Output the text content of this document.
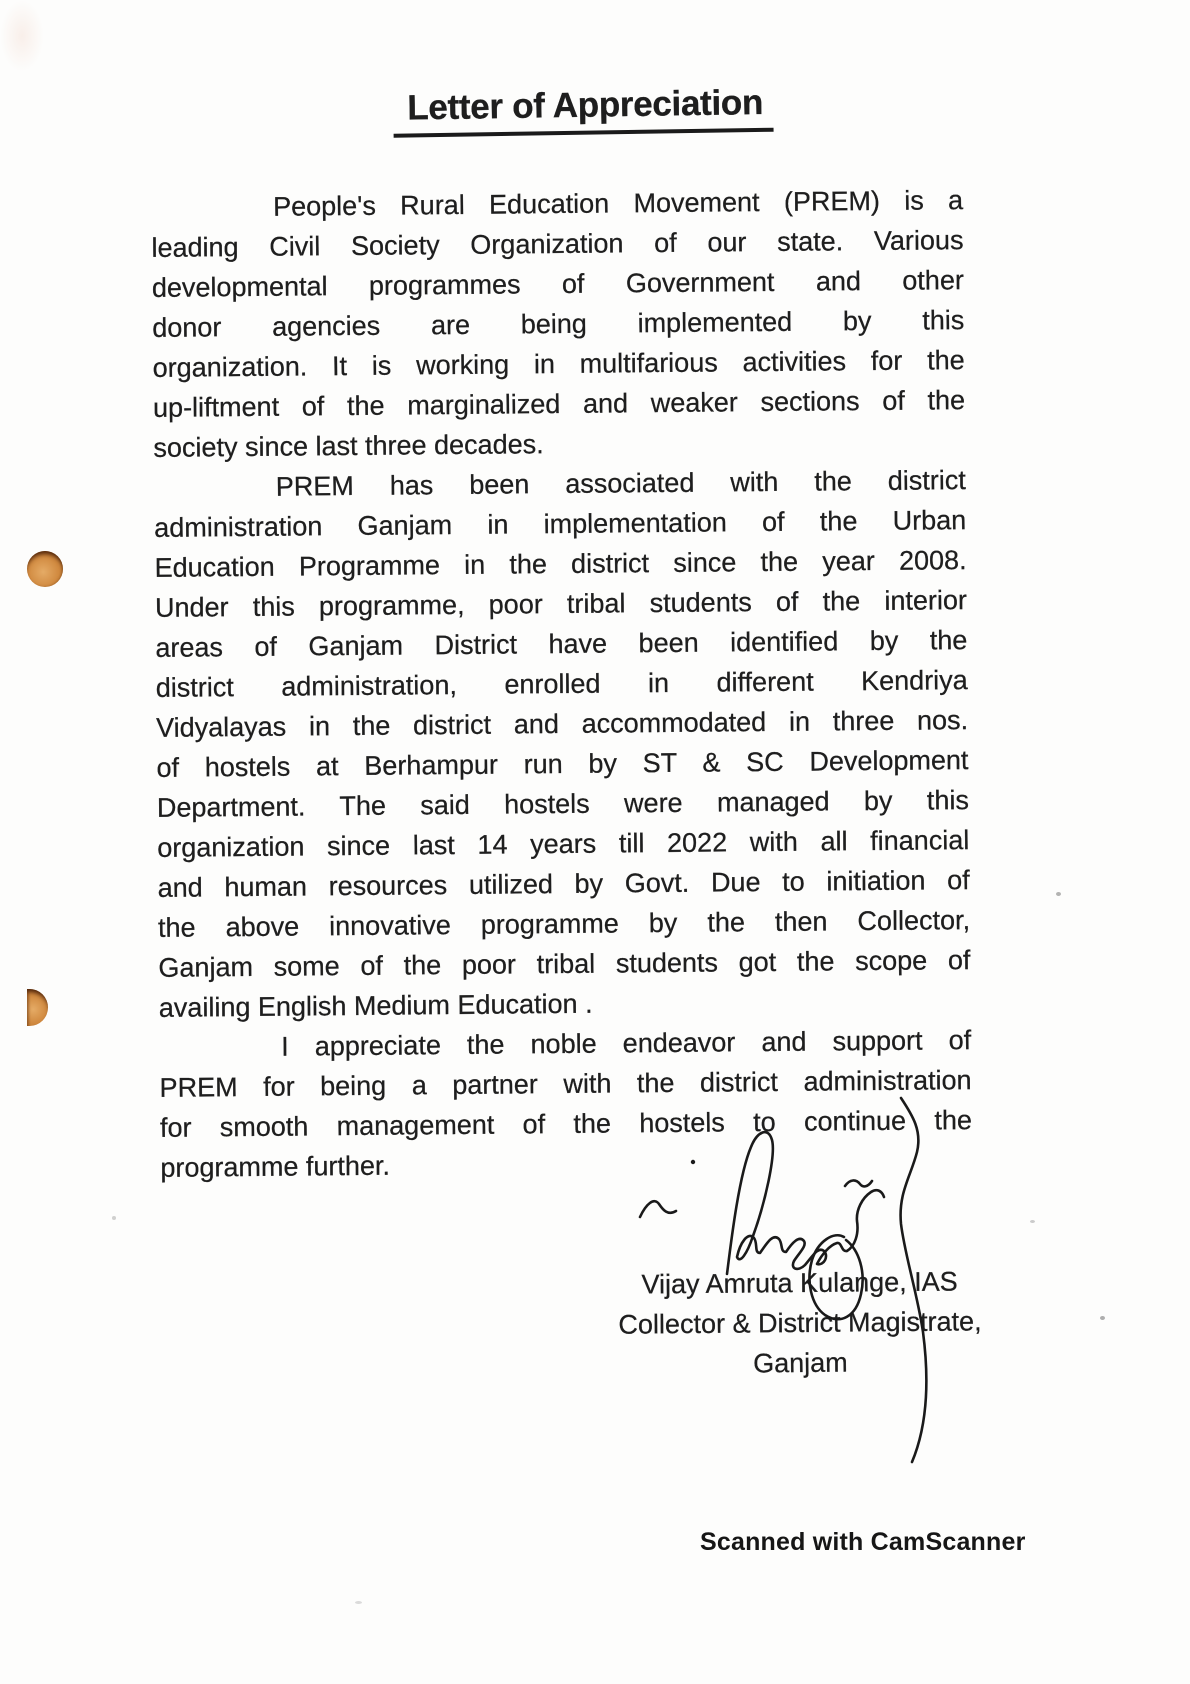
Letter of Appreciation
People's Rural Education Movement (PREM) is a
leading Civil Society Organization of our state. Various
developmental programmes of Government and other
donor agencies are being implemented by this
organization. It is working in multifarious activities for the
up-liftment of the marginalized and weaker sections of the
society since last three decades.
PREM has been associated with the district
administration Ganjam in implementation of the Urban
Education Programme in the district since the year 2008.
Under this programme, poor tribal students of the interior
areas of Ganjam District have been identified by the
district administration, enrolled in different Kendriya
Vidyalayas in the district and accommodated in three nos.
of hostels at Berhampur run by ST & SC Development
Department. The said hostels were managed by this
organization since last 14 years till 2022 with all financial
and human resources utilized by Govt. Due to initiation of
the above innovative programme by the then Collector,
Ganjam some of the poor tribal students got the scope of
availing English Medium Education .
I appreciate the noble endeavor and support of
PREM for being a partner with the district administration
for smooth management of the hostels to continue the
programme further.
Vijay Amruta Kulange, IAS
Collector & District Magistrate,
Ganjam
Scanned with CamScanner
